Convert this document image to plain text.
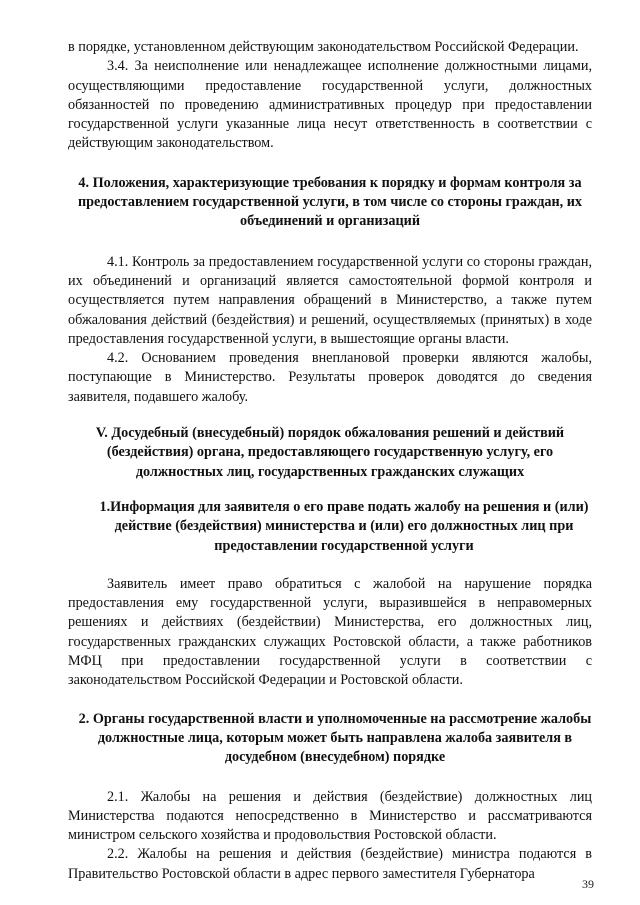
в порядке, установленном действующим законодательством Российской Федерации.

3.4. За неисполнение или ненадлежащее исполнение должностными лицами, осуществляющими предоставление государственной услуги, должностных обязанностей по проведению административных процедур при предоставлении государственной услуги указанные лица несут ответственность в соответствии с действующим законодательством.

4. Положения, характеризующие требования к порядку и формам контроля за предоставлением государственной услуги, в том числе со стороны граждан, их объединений и организаций

4.1. Контроль за предоставлением государственной услуги со стороны граждан, их объединений и организаций является самостоятельной формой контроля и осуществляется путем направления обращений в Министерство, а также путем обжалования действий (бездействия) и решений, осуществляемых (принятых) в ходе предоставления государственной услуги, в вышестоящие органы власти.

4.2. Основанием проведения внеплановой проверки являются жалобы, поступающие в Министерство. Результаты проверок доводятся до сведения заявителя, подавшего жалобу.

V. Досудебный (внесудебный) порядок обжалования решений и действий (бездействия) органа, предоставляющего государственную услугу, его должностных лиц, государственных гражданских служащих

1.Информация для заявителя о его праве подать жалобу на решения и (или) действие (бездействия) министерства и (или) его должностных лиц при предоставлении государственной услуги

Заявитель имеет право обратиться с жалобой на нарушение порядка предоставления ему государственной услуги, выразившейся в неправомерных решениях и действиях (бездействии) Министерства, его должностных лиц, государственных гражданских служащих Ростовской области, а также работников МФЦ при предоставлении государственной услуги в соответствии с законодательством Российской Федерации и Ростовской области.

2. Органы государственной власти и уполномоченные на рассмотрение жалобы должностные лица, которым может быть направлена жалоба заявителя в досудебном (внесудебном) порядке

2.1. Жалобы на решения и действия (бездействие) должностных лиц Министерства подаются непосредственно в Министерство и рассматриваются министром сельского хозяйства и продовольствия Ростовской области.

2.2. Жалобы на решения и действия (бездействие) министра подаются в Правительство Ростовской области в адрес первого заместителя Губернатора

39
